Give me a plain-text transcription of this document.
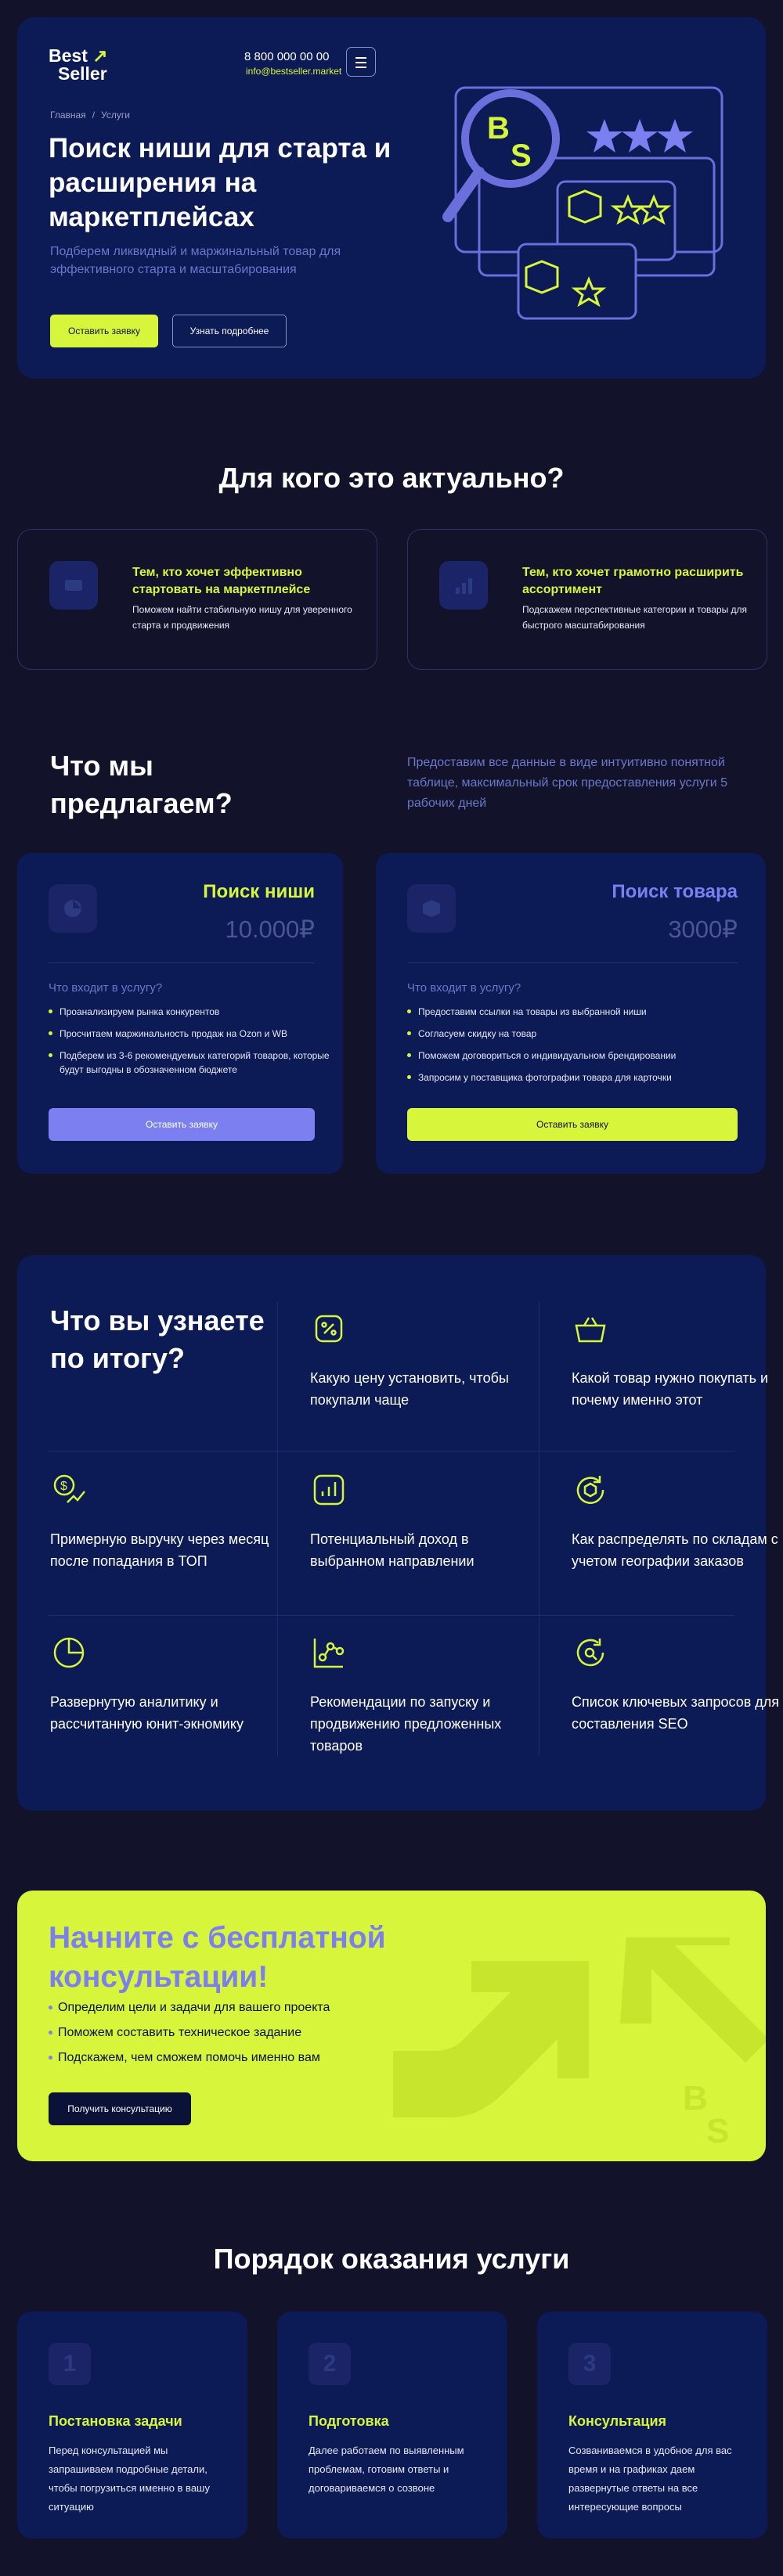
Best ↗
Seller
8 800 000 00 00
info@bestseller.market
Главная / Услуги
Поиск ниши для старта и расширения на маркетплейсах

Подберем ликвидный и маржинальный товар для эффективного старта и масштабирования

Оставить заявку	Узнать подробнее
B
S
Для кого это актуально?
Тем, кто хочет эффективно стартовать на маркетплейсе
Поможем найти стабильную нишу для уверенного старта и продвижения
Тем, кто хочет грамотно расширить ассортимент
Подскажем перспективные категории и товары для быстрого масштабирования
Что мы предлагаем?

Предоставим все данные в виде интуитивно понятной таблице, максимальный срок предоставления услуги 5 рабочих дней

Поиск ниши
10.000₽
Что входит в услугу?
Проанализируем рынка конкурентов
Просчитаем маржинальность продаж на Ozon и WB
Подберем из 3-6 рекомендуемых категорий товаров, которые будут выгодны в обозначенном бюджете
Оставить заявку
Поиск товара
3000₽
Что входит в услугу?
Предоставим ссылки на товары из выбранной ниши
Согласуем скидку на товар
Поможем договориться о индивидуальном брендировании
Запросим у поставщика фотографии товара для карточки
Оставить заявку
Что вы узнаете по итогу?
Какую цену установить, чтобы покупали чаще
Какой товар нужно покупать и почему именно этот
$
Примерную выручку через месяц после попадания в ТОП
Потенциальный доход в выбранном направлении
Как распределять по складам с учетом географии заказов
Развернутую аналитику и рассчитанную юнит-экномику
Рекомендации по запуску и продвижению предложенных товаров
Список ключевых запросов для составления SEO
B
S
Начните с бесплатной консультации!
Определим цели и задачи для вашего проекта
Поможем составить техническое задание
Подскажем, чем сможем помочь именно вам
Получить консультацию
Порядок оказания услуги
1
Постановка задачи
Перед консультацией мы запрашиваем подробные детали, чтобы погрузиться именно в вашу ситуацию
2
Подготовка
Далее работаем по выявленным проблемам, готовим ответы и договариваемся о созвоне
3
Консультация
Созваниваемся в удобное для вас время и на графиках даем развернутые ответы на все интересующие вопросы
